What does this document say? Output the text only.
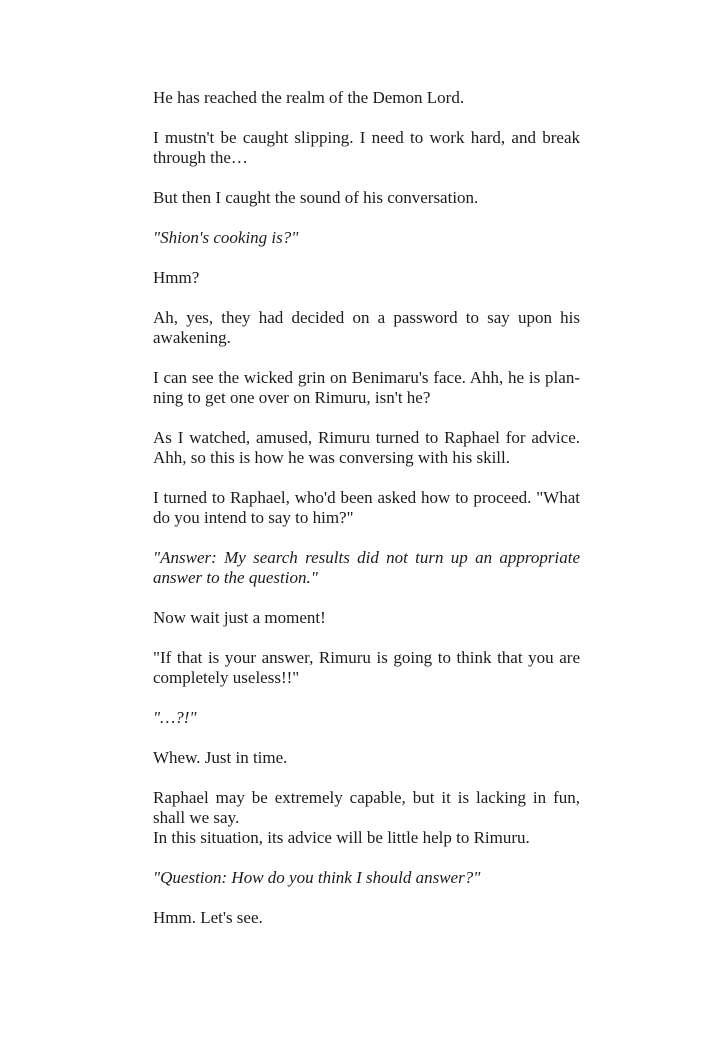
He has reached the realm of the Demon Lord.

I mustn't be caught slipping. I need to work hard, and break through the…

But then I caught the sound of his conversation.

"Shion's cooking is?"

Hmm?

Ah, yes, they had decided on a password to say upon his awakening.

I can see the wicked grin on Benimaru's face. Ahh, he is planning to get one over on Rimuru, isn't he?

As I watched, amused, Rimuru turned to Raphael for advice. Ahh, so this is how he was conversing with his skill.

I turned to Raphael, who'd been asked how to proceed. "What do you intend to say to him?"

"Answer: My search results did not turn up an appropriate answer to the question."

Now wait just a moment!

"If that is your answer, Rimuru is going to think that you are completely useless!!"

"…?!"

Whew. Just in time.

Raphael may be extremely capable, but it is lacking in fun, shall we say.

In this situation, its advice will be little help to Rimuru.

"Question: How do you think I should answer?"

Hmm. Let's see.
